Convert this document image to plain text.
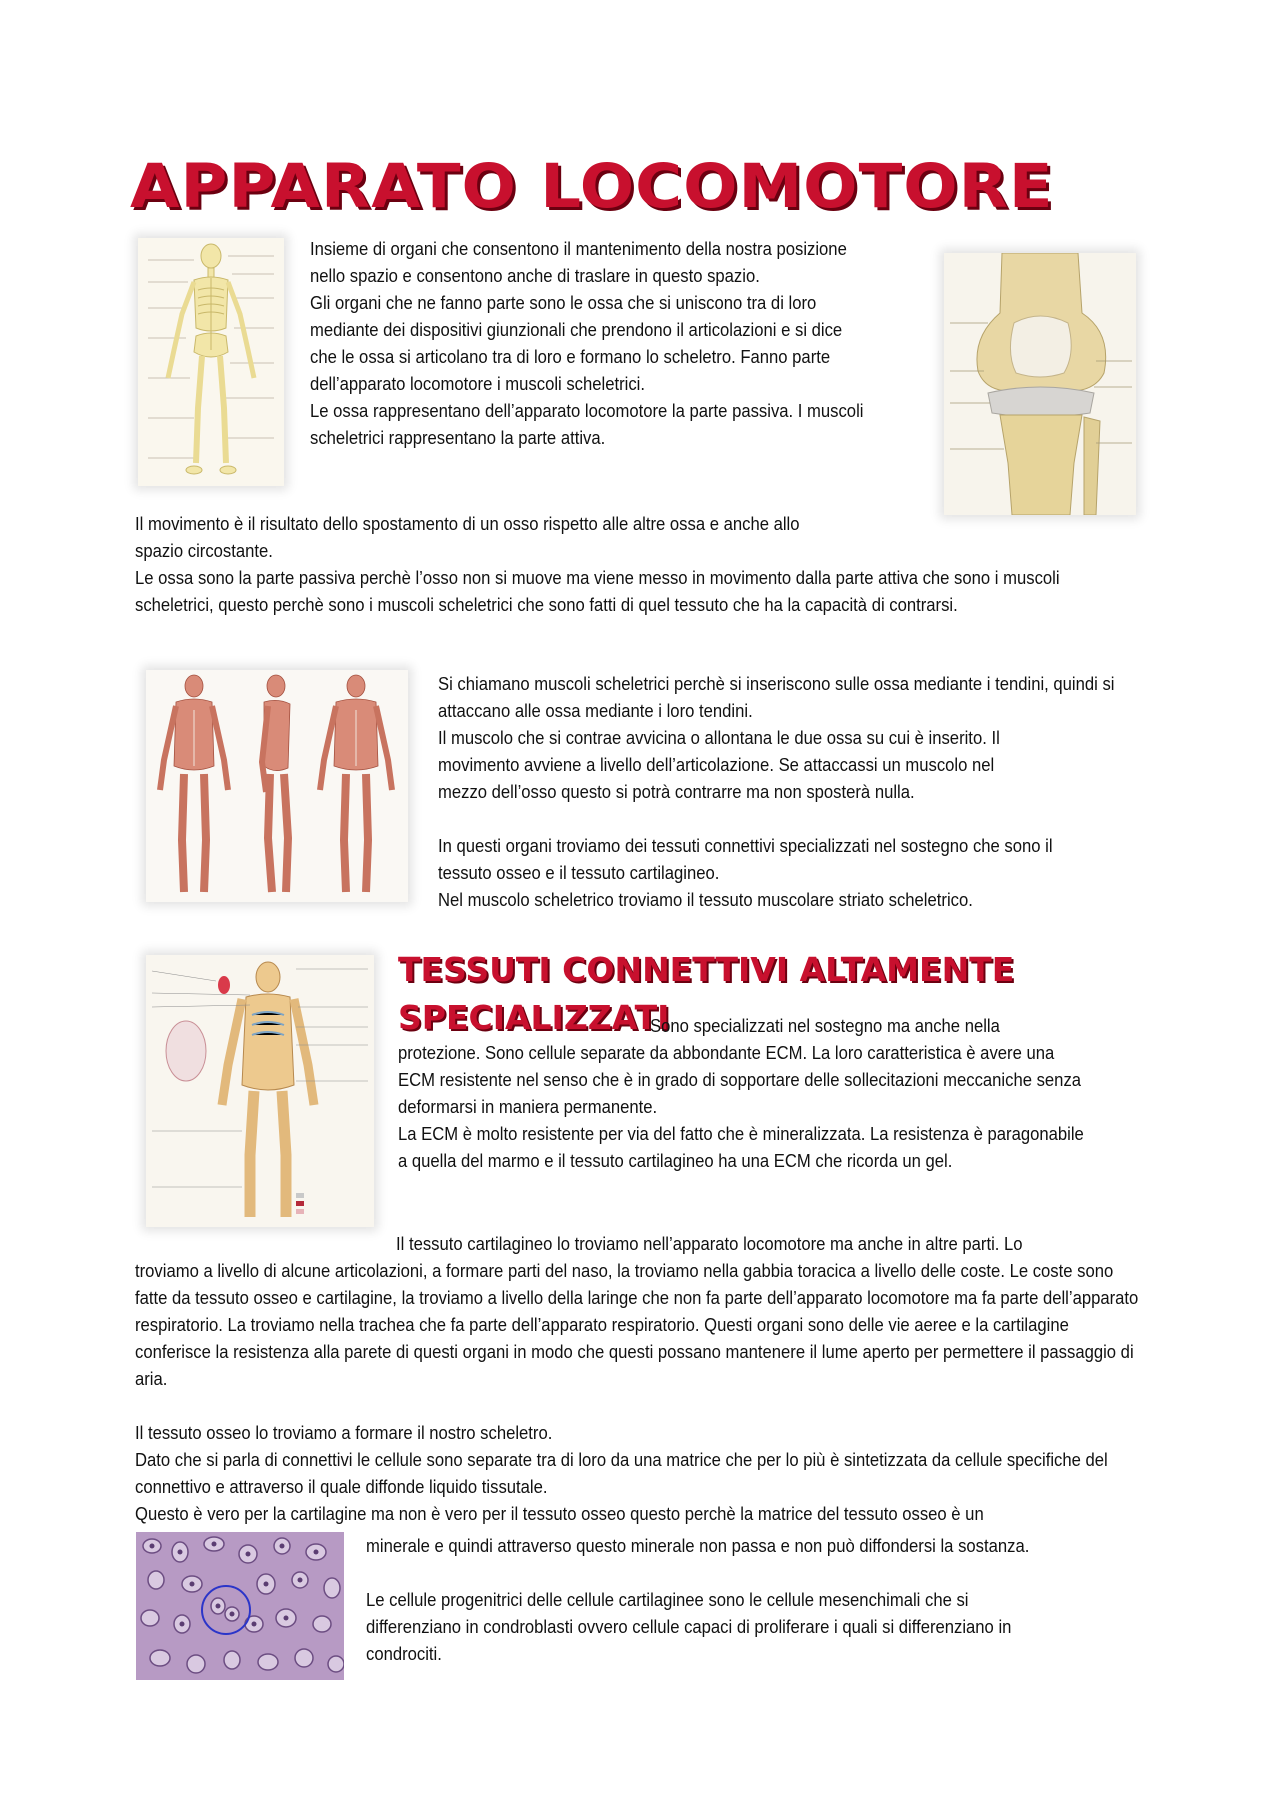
APPARATO LOCOMOTORE
Insieme di organi che consentono il mantenimento della nostra posizione nello spazio e consentono anche di traslare in questo spazio.
Gli organi che ne fanno parte sono le ossa che si uniscono tra di loro mediante dei dispositivi giunzionali che prendono il articolazioni e si dice che le ossa si articolano tra di loro e formano lo scheletro. Fanno parte dell’apparato locomotore i muscoli scheletrici.
Le ossa rappresentano dell’apparato locomotore la parte passiva. I muscoli scheletrici rappresentano la parte attiva.
Il movimento è il risultato dello spostamento di un osso rispetto alle altre ossa e anche allo spazio circostante.
Le ossa sono la parte passiva perchè l’osso non si muove ma viene messo in movimento dalla parte attiva che sono i muscoli scheletrici, questo perchè sono i muscoli scheletrici che sono fatti di quel tessuto che ha la capacità di contrarsi.
Si chiamano muscoli scheletrici perchè si inseriscono sulle ossa mediante i tendini, quindi si attaccano alle ossa mediante i loro tendini.
Il muscolo che si contrae avvicina o allontana le due ossa su cui è inserito. Il movimento avviene a livello dell’articolazione. Se attaccassi un muscolo nel mezzo dell’osso questo si potrà contrarre ma non sposterà nulla.
In questi organi troviamo dei tessuti connettivi specializzati nel sostegno che sono il tessuto osseo e il tessuto cartilagineo.
Nel muscolo scheletrico troviamo il tessuto muscolare striato scheletrico.
TESSUTI CONNETTIVI ALTAMENTE
SPECIALIZZATI
Sono specializzati nel sostegno ma anche nella
protezione. Sono cellule separate da abbondante ECM. La loro caratteristica è avere una ECM resistente nel senso che è in grado di sopportare delle sollecitazioni meccaniche senza deformarsi in maniera permanente.
La ECM è molto resistente per via del fatto che è mineralizzata. La resistenza è paragonabile a quella del marmo e il tessuto cartilagineo ha una ECM che ricorda un gel.
Il tessuto cartilagineo lo troviamo nell’apparato locomotore ma anche in altre parti. Lo
troviamo a livello di alcune articolazioni, a formare parti del naso, la troviamo nella gabbia toracica a livello delle coste. Le coste sono fatte da tessuto osseo e cartilagine, la troviamo a livello della laringe che non fa parte dell’apparato locomotore ma fa parte dell’apparato respiratorio. La troviamo nella trachea che fa parte dell’apparato respiratorio. Questi organi sono delle vie aeree e la cartilagine conferisce la resistenza alla parete di questi organi in modo che questi possano mantenere il lume aperto per permettere il passaggio di aria.
Il tessuto osseo lo troviamo a formare il nostro scheletro.
Dato che si parla di connettivi le cellule sono separate tra di loro da una matrice che per lo più è sintetizzata da cellule specifiche del connettivo e attraverso il quale diffonde liquido tissutale.
Questo è vero per la cartilagine ma non è vero per il tessuto osseo questo perchè la matrice del tessuto osseo è un
minerale e quindi attraverso questo minerale non passa e non può diffondersi la sostanza.
Le cellule progenitrici delle cellule cartilaginee sono le cellule mesenchimali che si differenziano in condroblasti ovvero cellule capaci di proliferare i quali si differenziano in condrociti.
